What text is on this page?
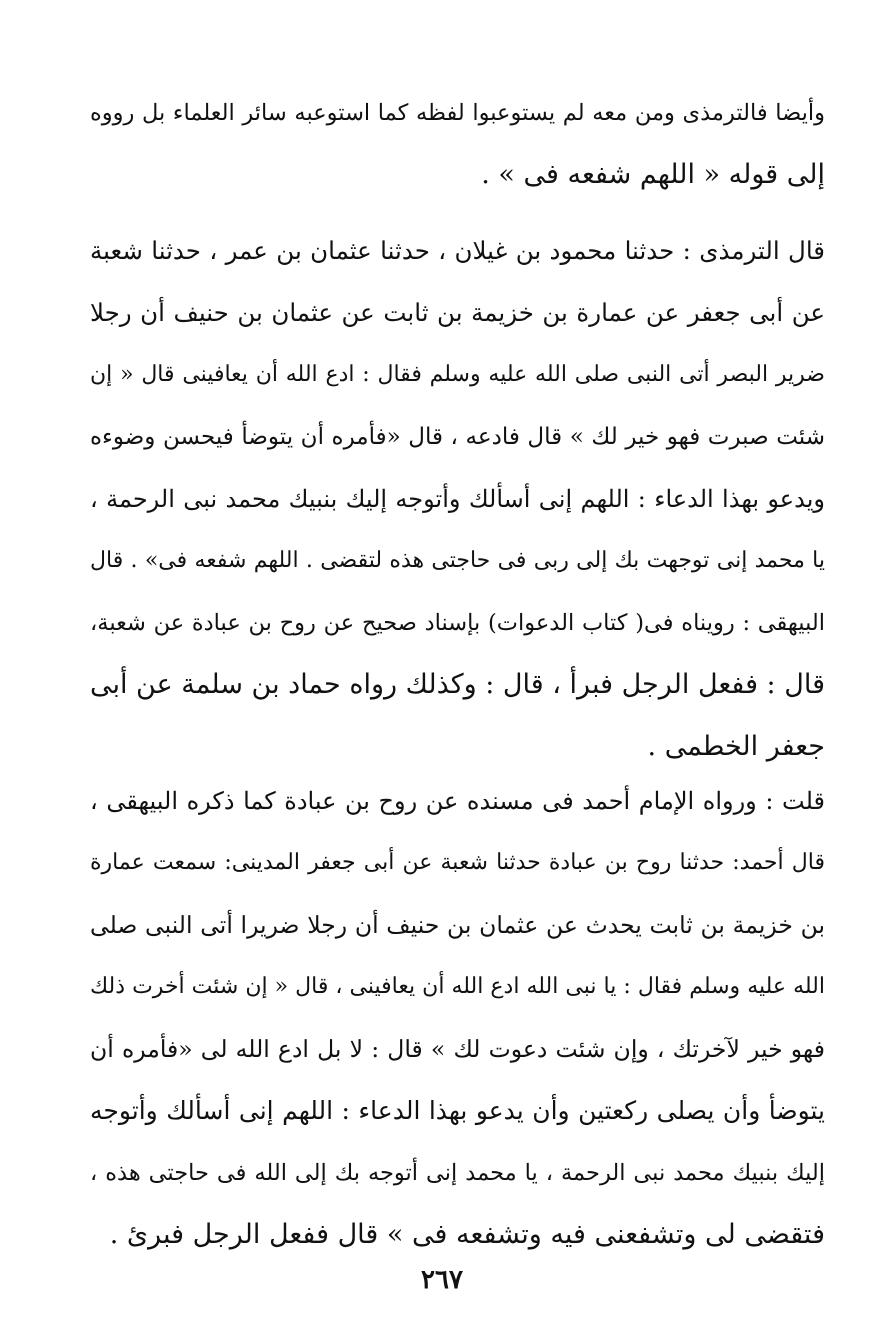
وأيضا فالترمذى ومن معه لم يستوعبوا لفظه كما استوعبه سائر العلماء بل رووه
إلى قوله « اللهم شفعه فى » .
قال الترمذى : حدثنا محمود بن غيلان ، حدثنا عثمان بن عمر ، حدثنا شعبة
عن أبى جعفر عن عمارة بن خزيمة بن ثابت عن عثمان بن حنيف أن رجلا
ضرير البصر أتى النبى صلى الله عليه وسلم فقال : ادع الله أن يعافينى قال « إن
شئت صبرت فهو خير لك » قال فادعه ، قال «فأمره أن يتوضأ فيحسن وضوءه
ويدعو بهذا الدعاء : اللهم إنى أسألك وأتوجه إليك بنبيك محمد نبى الرحمة ،
يا محمد إنى توجهت بك إلى ربى فى حاجتى هذه لتقضى . اللهم شفعه فى» . قال
البيهقى : رويناه فى( كتاب الدعوات) بإسناد صحيح عن روح بن عبادة عن شعبة،
قال : ففعل الرجل فبرأ ، قال : وكذلك رواه حماد بن سلمة عن أبى
جعفر الخطمى .
قلت : ورواه الإمام أحمد فى مسنده عن روح بن عبادة كما ذكره البيهقى ،
قال أحمد: حدثنا روح بن عبادة حدثنا شعبة عن أبى جعفر المدينى: سمعت عمارة
بن خزيمة بن ثابت يحدث عن عثمان بن حنيف أن رجلا ضريرا أتى النبى صلى
الله عليه وسلم فقال : يا نبى الله ادع الله أن يعافينى ، قال « إن شئت أخرت ذلك
فهو خير لآخرتك ، وإن شئت دعوت لك » قال : لا بل ادع الله لى «فأمره أن
يتوضأ وأن يصلى ركعتين وأن يدعو بهذا الدعاء : اللهم إنى أسألك وأتوجه
إليك بنبيك محمد نبى الرحمة ، يا محمد إنى أتوجه بك إلى الله فى حاجتى هذه ،
فتقضى لى وتشفعنى فيه وتشفعه فى » قال ففعل الرجل فبرئ .
٢٦٧
